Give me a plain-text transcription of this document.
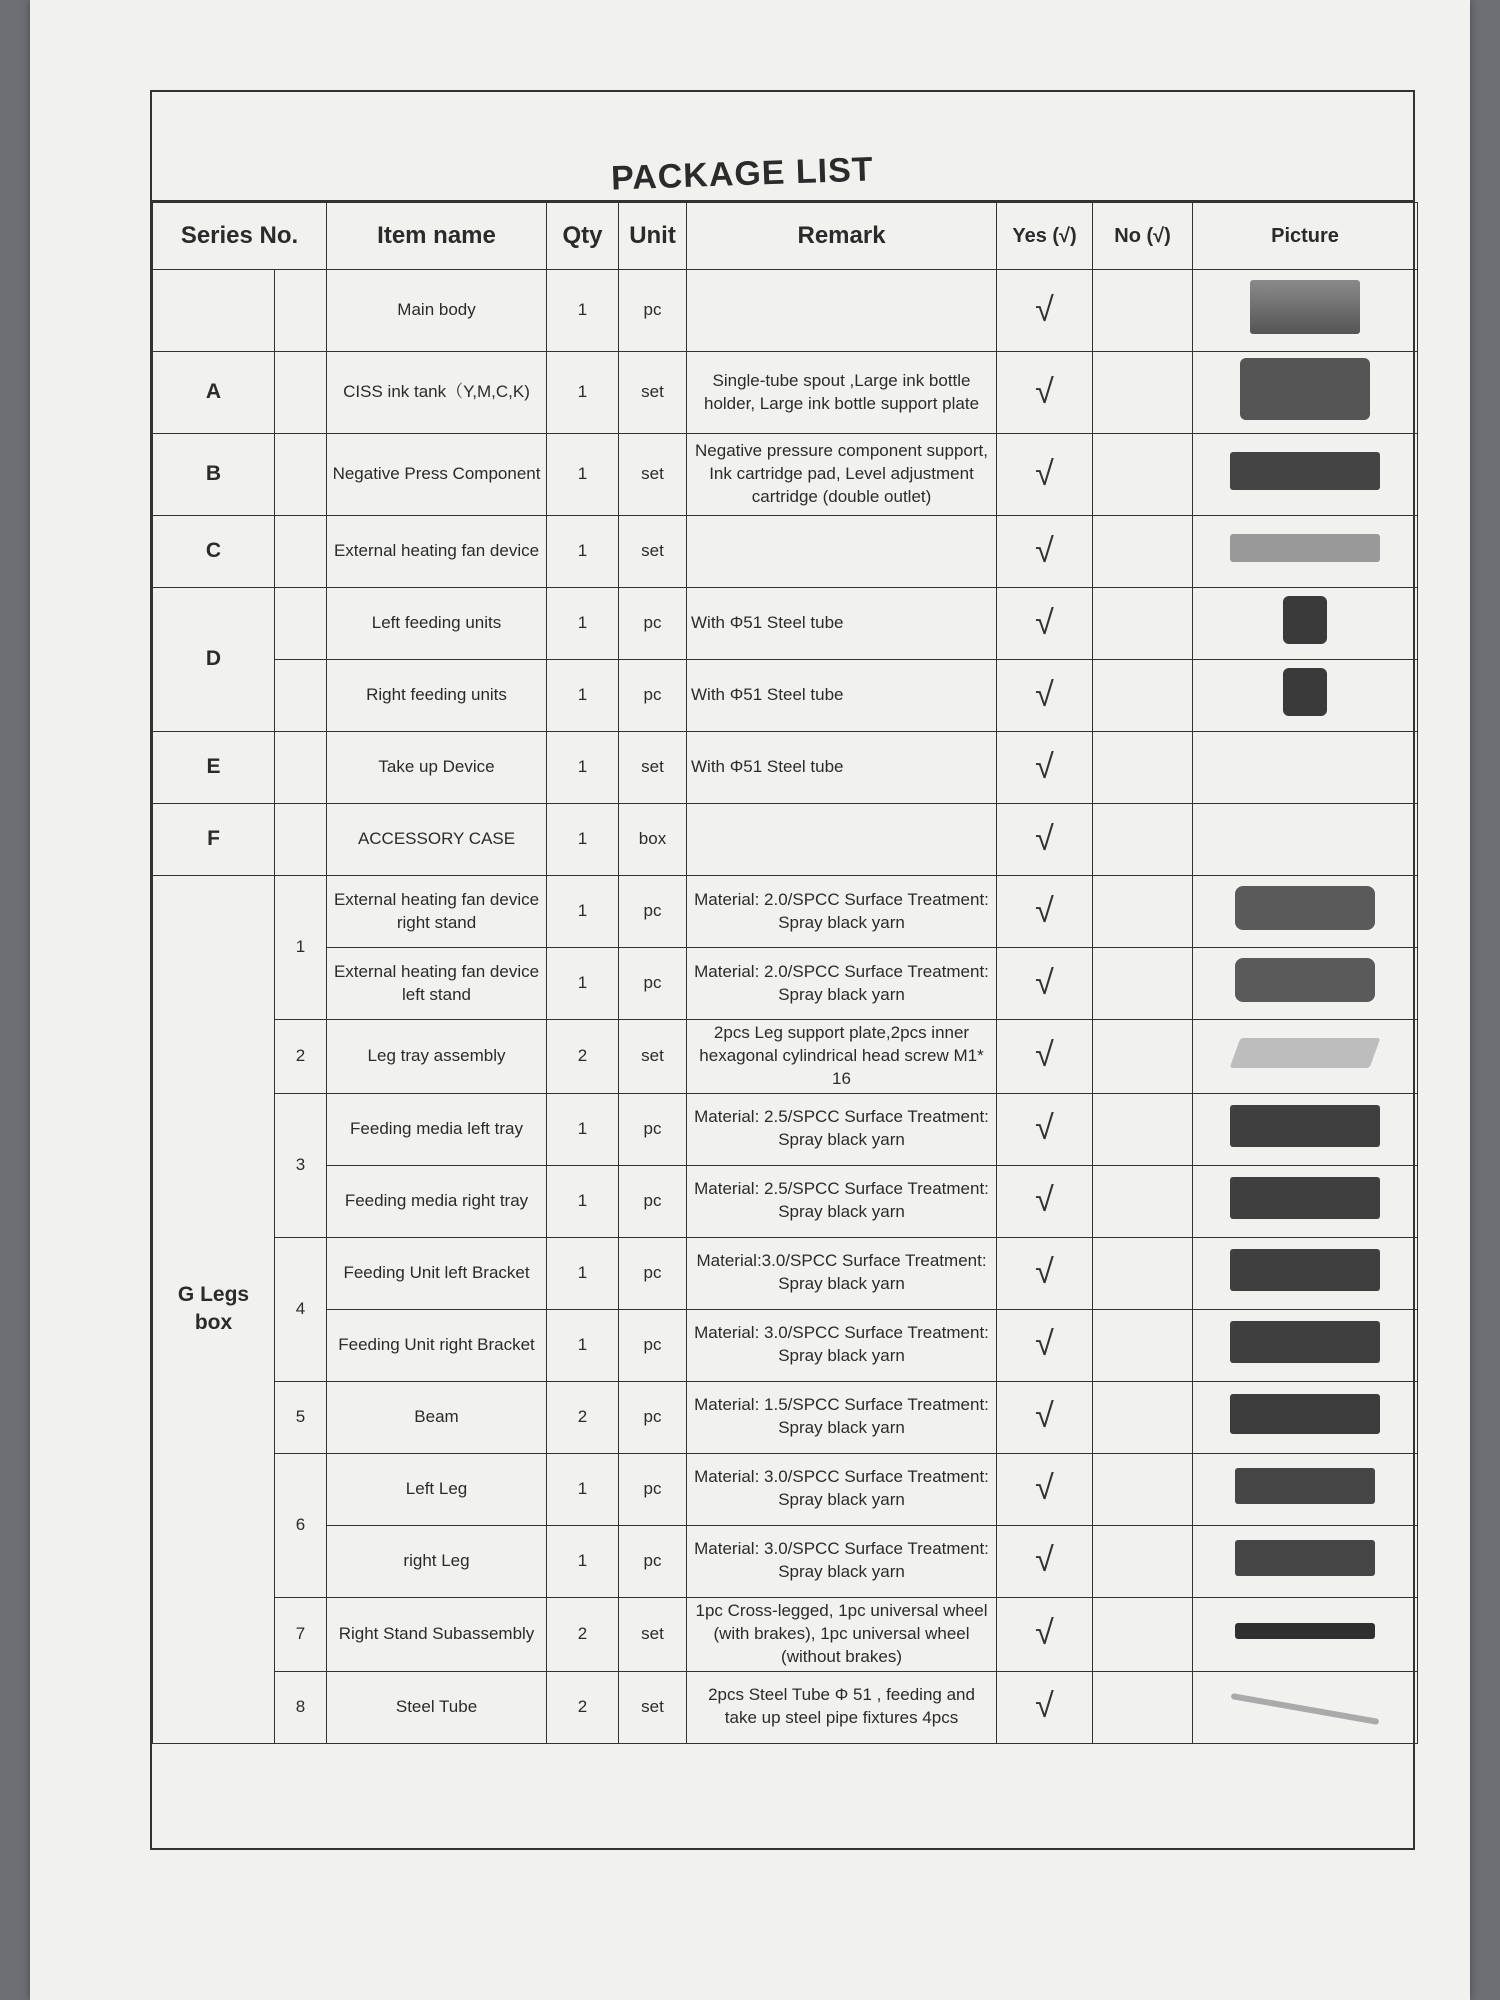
PACKAGE LIST
Series No.		Item name	Qty	Unit	Remark	Yes (√)	No (√)	Picture
		Main body	1	pc		√		
A		CISS ink tank（Y,M,C,K)	1	set	Single-tube spout ,Large ink bottle holder, Large ink bottle support plate	√		
B		Negative Press Component	1	set	Negative pressure component support, Ink cartridge pad, Level adjustment cartridge (double outlet)	√		
C		External heating fan device	1	set		√		
D		Left feeding units	1	pc	With Φ51 Steel tube	√		
		Right feeding units	1	pc	With Φ51 Steel tube	√		
E		Take up Device	1	set	With Φ51 Steel tube	√		
F		ACCESSORY CASE	1	box		√		
G Legs box	1	External heating fan device right stand	1	pc	Material: 2.0/SPCC Surface Treatment: Spray black yarn	√		
		External heating fan device left stand	1	pc	Material: 2.0/SPCC Surface Treatment: Spray black yarn	√		
	2	Leg tray assembly	2	set	2pcs Leg support plate,2pcs inner hexagonal cylindrical head screw M1* 16	√		
	3	Feeding media left tray	1	pc	Material: 2.5/SPCC Surface Treatment: Spray black yarn	√		
		Feeding media right tray	1	pc	Material: 2.5/SPCC Surface Treatment: Spray black yarn	√		
	4	Feeding Unit left Bracket	1	pc	Material:3.0/SPCC Surface Treatment: Spray black yarn	√		
		Feeding Unit right Bracket	1	pc	Material: 3.0/SPCC Surface Treatment: Spray black yarn	√		
	5	Beam	2	pc	Material: 1.5/SPCC Surface Treatment: Spray black yarn	√		
	6	Left Leg	1	pc	Material: 3.0/SPCC Surface Treatment: Spray black yarn	√		
		right Leg	1	pc	Material: 3.0/SPCC Surface Treatment: Spray black yarn	√		
	7	Right Stand Subassembly	2	set	1pc Cross-legged, 1pc universal wheel (with brakes), 1pc universal wheel (without brakes)	√		
	8	Steel Tube	2	set	2pcs Steel Tube Φ 51 , feeding and take up steel pipe fixtures 4pcs	√		
